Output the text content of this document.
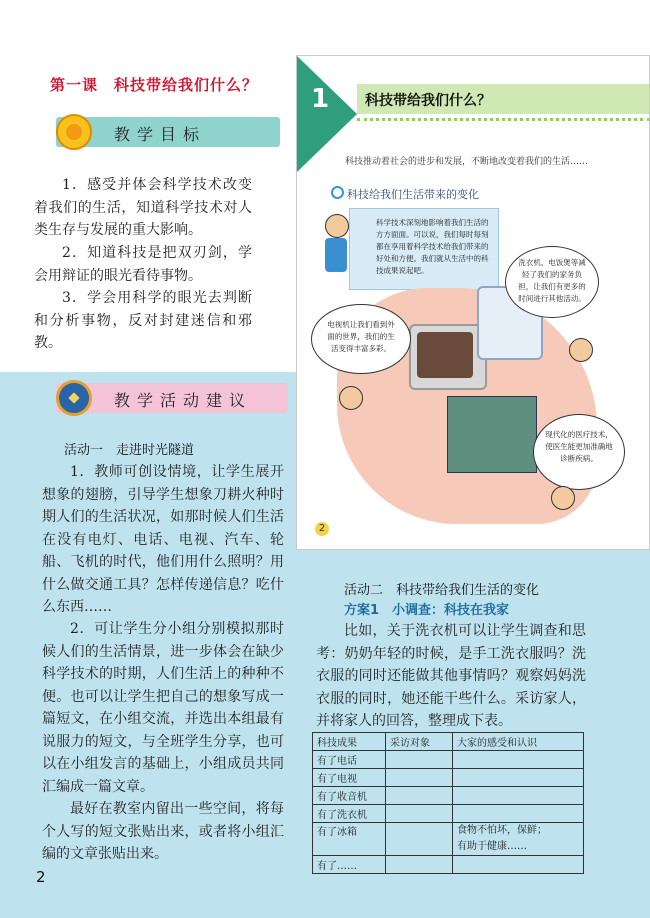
第一课　科技带给我们什么？
教学目标
1．感受并体会科学技术改变着我们的生活，知道科学技术对人类生存与发展的重大影响。
2．知道科技是把双刃剑，学会用辩证的眼光看待事物。
3．学会用科学的眼光去判断和分析事物，反对封建迷信和邪教。
教学活动建议
活动一　走进时光隧道
1．教师可创设情境，让学生展开想象的翅膀，引导学生想象刀耕火种时期人们的生活状况，如那时候人们生活在没有电灯、电话、电视、汽车、轮船、飞机的时代，他们用什么照明？用什么做交通工具？怎样传递信息？吃什么东西……
2．可让学生分小组分别模拟那时候人们的生活情景，进一步体会在缺少科学技术的时期，人们生活上的种种不便。也可以让学生把自己的想象写成一篇短文，在小组交流，并选出本组最有说服力的短文，与全班学生分享，也可以在小组发言的基础上，小组成员共同汇编成一篇文章。
最好在教室内留出一些空间，将每个人写的短文张贴出来，或者将小组汇编的文章张贴出来。
1	科技带给我们什么？
科技推动着社会的进步和发展，不断地改变着我们的生活……
科技给我们生活带来的变化
科学技术深刻地影响着我们生活的方方面面。可以说，我们每时每刻都在享用着科学技术给我们带来的好处和方便。我们就从生活中的科技成果说起吧。
洗衣机、电饭煲等减轻了我们的家务负担，让我们有更多的时间进行其他活动。
电视机让我们看到外面的世界，我们的生活变得丰富多彩。
现代化的医疗技术，使医生能更加准确地诊断疾病。
2
活动二　科技带给我们生活的变化
方案1　小调查：科技在我家
比如，关于洗衣机可以让学生调查和思考：奶奶年轻的时候，是手工洗衣服吗？洗衣服的同时还能做其他事情吗？观察妈妈洗衣服的同时，她还能干些什么。采访家人，并将家人的回答，整理成下表。
科技成果	采访对象	大家的感受和认识
有了电话		
有了电视		
有了收音机		
有了洗衣机		
有了冰箱		食物不怕坏，保鲜；
有助于健康……
有了……		
2
